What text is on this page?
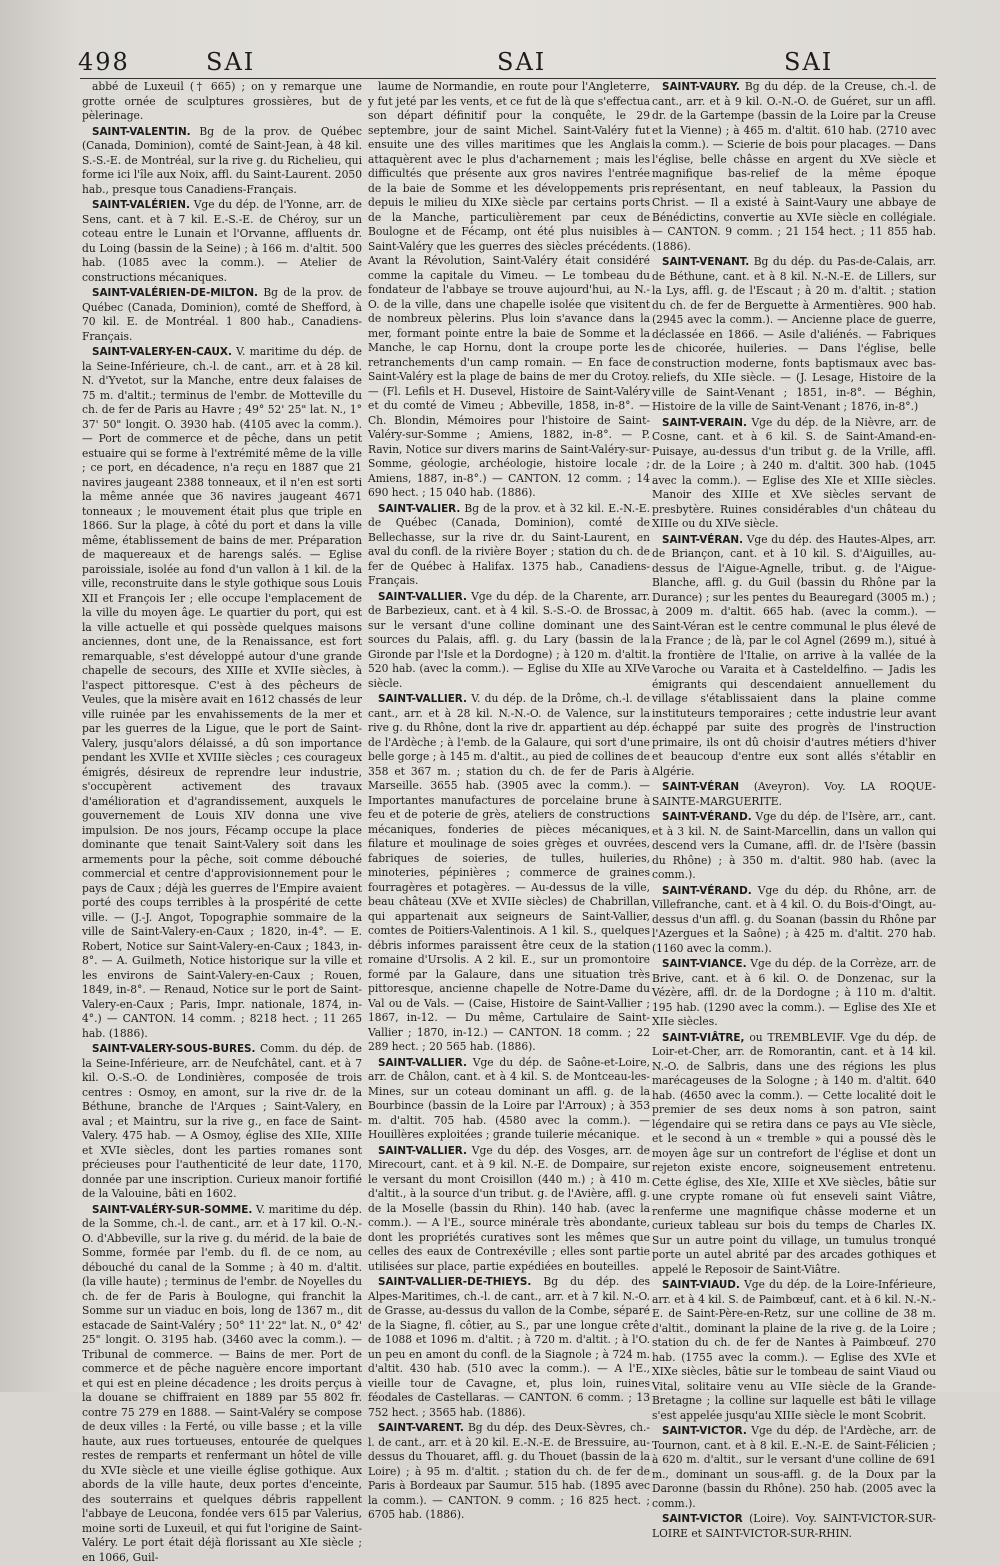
498	SAI	SAI	SAI
abbé de Luxeuil († 665) ; on y remarque une grotte ornée de sculptures grossières, but de pèlerinage.
SAINT-VALENTIN. Bg de la prov. de Québec (Canada, Dominion), comté de Saint-Jean, à 48 kil. S.-S.-E. de Montréal, sur la rive g. du Richelieu, qui forme ici l'île aux Noix, affl. du Saint-Laurent. 2050 hab., presque tous Canadiens-Français.
SAINT-VALÉRIEN. Vge du dép. de l'Yonne, arr. de Sens, cant. et à 7 kil. E.-S.-E. de Chéroy, sur un coteau entre le Lunain et l'Orvanne, affluents dr. du Loing (bassin de la Seine) ; à 166 m. d'altit. 500 hab. (1085 avec la comm.). — Atelier de constructions mécaniques.
SAINT-VALÉRIEN-DE-MILTON. Bg de la prov. de Québec (Canada, Dominion), comté de Shefford, à 70 kil. E. de Montréal. 1 800 hab., Canadiens-Français.
SAINT-VALERY-EN-CAUX. V. maritime du dép. de la Seine-Inférieure, ch.-l. de cant., arr. et à 28 kil. N. d'Yvetot, sur la Manche, entre deux falaises de 75 m. d'altit.; terminus de l'embr. de Motteville du ch. de fer de Paris au Havre ; 49° 52' 25" lat. N., 1° 37' 50" longit. O. 3930 hab. (4105 avec la comm.). — Port de commerce et de pêche, dans un petit estuaire qui se forme à l'extrémité même de la ville ; ce port, en décadence, n'a reçu en 1887 que 21 navires jaugeant 2388 tonneaux, et il n'en est sorti la même année que 36 navires jaugeant 4671 tonneaux ; le mouvement était plus que triple en 1866. Sur la plage, à côté du port et dans la ville même, établissement de bains de mer. Préparation de maquereaux et de harengs salés. — Eglise paroissiale, isolée au fond d'un vallon à 1 kil. de la ville, reconstruite dans le style gothique sous Louis XII et François Ier ; elle occupe l'emplacement de la ville du moyen âge. Le quartier du port, qui est la ville actuelle et qui possède quelques maisons anciennes, dont une, de la Renaissance, est fort remarquable, s'est développé autour d'une grande chapelle de secours, des XIIIe et XVIIe siècles, à l'aspect pittoresque. C'est à des pêcheurs de Veules, que la misère avait en 1612 chassés de leur ville ruinée par les envahissements de la mer et par les guerres de la Ligue, que le port de Saint-Valery, jusqu'alors délaissé, a dû son importance pendant les XVIIe et XVIIIe siècles ; ces courageux émigrés, désireux de reprendre leur industrie, s'occupèrent activement des travaux d'amélioration et d'agrandissement, auxquels le gouvernement de Louis XIV donna une vive impulsion. De nos jours, Fécamp occupe la place dominante que tenait Saint-Valery soit dans les armements pour la pêche, soit comme débouché commercial et centre d'approvisionnement pour le pays de Caux ; déjà les guerres de l'Empire avaient porté des coups terribles à la prospérité de cette ville. — (J.-J. Angot, Topographie sommaire de la ville de Saint-Valery-en-Caux ; 1820, in-4°. — E. Robert, Notice sur Saint-Valery-en-Caux ; 1843, in-8°. — A. Guilmeth, Notice historique sur la ville et les environs de Saint-Valery-en-Caux ; Rouen, 1849, in-8°. — Renaud, Notice sur le port de Saint-Valery-en-Caux ; Paris, Impr. nationale, 1874, in-4°.) — CANTON. 14 comm. ; 8218 hect. ; 11 265 hab. (1886).
SAINT-VALERY-SOUS-BURES. Comm. du dép. de la Seine-Inférieure, arr. de Neufchâtel, cant. et à 7 kil. O.-S.-O. de Londinières, composée de trois centres : Osmoy, en amont, sur la rive dr. de la Béthune, branche de l'Arques ; Saint-Valery, en aval ; et Maintru, sur la rive g., en face de Saint-Valery. 475 hab. — A Osmoy, église des XIIe, XIIIe et XVIe siècles, dont les parties romanes sont précieuses pour l'authenticité de leur date, 1170, donnée par une inscription. Curieux manoir fortifié de la Valouine, bâti en 1602.
SAINT-VALÉRY-SUR-SOMME. V. maritime du dép. de la Somme, ch.-l. de cant., arr. et à 17 kil. O.-N.-O. d'Abbeville, sur la rive g. du mérid. de la baie de Somme, formée par l'emb. du fl. de ce nom, au débouché du canal de la Somme ; à 40 m. d'altit. (la ville haute) ; terminus de l'embr. de Noyelles du ch. de fer de Paris à Boulogne, qui franchit la Somme sur un viaduc en bois, long de 1367 m., dit estacade de Saint-Valéry ; 50° 11' 22" lat. N., 0° 42' 25" longit. O. 3195 hab. (3460 avec la comm.). — Tribunal de commerce. — Bains de mer. Port de commerce et de pêche naguère encore important et qui est en pleine décadence ; les droits perçus à la douane se chiffraient en 1889 par 55 802 fr. contre 75 279 en 1888. — Saint-Valéry se compose de deux villes : la Ferté, ou ville basse ; et la ville haute, aux rues tortueuses, entourée de quelques restes de remparts et renfermant un hôtel de ville du XVIe siècle et une vieille église gothique. Aux abords de la ville haute, deux portes d'enceinte, des souterrains et quelques débris rappellent l'abbaye de Leucona, fondée vers 615 par Valerius, moine sorti de Luxeuil, et qui fut l'origine de Saint-Valéry. Le port était déjà florissant au XIe siècle ; en 1066, Guil-
laume de Normandie, en route pour l'Angleterre, y fut jeté par les vents, et ce fut de là que s'effectua son départ définitif pour la conquête, le 29 septembre, jour de saint Michel. Saint-Valéry fut ensuite une des villes maritimes que les Anglais attaquèrent avec le plus d'acharnement ; mais les difficultés que présente aux gros navires l'entrée de la baie de Somme et les développements pris depuis le milieu du XIXe siècle par certains ports de la Manche, particulièrement par ceux de Boulogne et de Fécamp, ont été plus nuisibles à Saint-Valéry que les guerres des siècles précédents. Avant la Révolution, Saint-Valéry était considéré comme la capitale du Vimeu. — Le tombeau du fondateur de l'abbaye se trouve aujourd'hui, au N.-O. de la ville, dans une chapelle isolée que visitent de nombreux pèlerins. Plus loin s'avance dans la mer, formant pointe entre la baie de Somme et la Manche, le cap Hornu, dont la croupe porte les retranchements d'un camp romain. — En face de Saint-Valéry est la plage de bains de mer du Crotoy. — (Fl. Lefils et H. Dusevel, Histoire de Saint-Valéry et du comté de Vimeu ; Abbeville, 1858, in-8°. — Ch. Blondin, Mémoires pour l'histoire de Saint-Valéry-sur-Somme ; Amiens, 1882, in-8°. — P. Ravin, Notice sur divers marins de Saint-Valéry-sur-Somme, géologie, archéologie, histoire locale ; Amiens, 1887, in-8°.) — CANTON. 12 comm. ; 14 690 hect. ; 15 040 hab. (1886).
SAINT-VALIER. Bg de la prov. et à 32 kil. E.-N.-E. de Québec (Canada, Dominion), comté de Bellechasse, sur la rive dr. du Saint-Laurent, en aval du confl. de la rivière Boyer ; station du ch. de fer de Québec à Halifax. 1375 hab., Canadiens-Français.
SAINT-VALLIER. Vge du dép. de la Charente, arr. de Barbezieux, cant. et à 4 kil. S.-S.-O. de Brossac, sur le versant d'une colline dominant une des sources du Palais, affl. g. du Lary (bassin de la Gironde par l'Isle et la Dordogne) ; à 120 m. d'altit. 520 hab. (avec la comm.). — Eglise du XIIe au XIVe siècle.
SAINT-VALLIER. V. du dép. de la Drôme, ch.-l. de cant., arr. et à 28 kil. N.-N.-O. de Valence, sur la rive g. du Rhône, dont la rive dr. appartient au dép. de l'Ardèche ; à l'emb. de la Galaure, qui sort d'une belle gorge ; à 145 m. d'altit., au pied de collines de 358 et 367 m. ; station du ch. de fer de Paris à Marseille. 3655 hab. (3905 avec la comm.). — Importantes manufactures de porcelaine brune à feu et de poterie de grès, ateliers de constructions mécaniques, fonderies de pièces mécaniques, filature et moulinage de soies grèges et ouvrées, fabriques de soieries, de tulles, huileries, minoteries, pépinières ; commerce de graines fourragères et potagères. — Au-dessus de la ville, beau château (XVe et XVIIe siècles) de Chabrillan, qui appartenait aux seigneurs de Saint-Vallier, comtes de Poitiers-Valentinois. A 1 kil. S., quelques débris informes paraissent être ceux de la station romaine d'Ursolis. A 2 kil. E., sur un promontoire formé par la Galaure, dans une situation très pittoresque, ancienne chapelle de Notre-Dame du Val ou de Vals. — (Caise, Histoire de Saint-Vallier ; 1867, in-12. — Du même, Cartulaire de Saint-Vallier ; 1870, in-12.) — CANTON. 18 comm. ; 22 289 hect. ; 20 565 hab. (1886).
SAINT-VALLIER. Vge du dép. de Saône-et-Loire, arr. de Châlon, cant. et à 4 kil. S. de Montceau-les-Mines, sur un coteau dominant un affl. g. de la Bourbince (bassin de la Loire par l'Arroux) ; à 353 m. d'altit. 705 hab. (4580 avec la comm.). — Houillères exploitées ; grande tuilerie mécanique.
SAINT-VALLIER. Vge du dép. des Vosges, arr. de Mirecourt, cant. et à 9 kil. N.-E. de Dompaire, sur le versant du mont Croisillon (440 m.) ; à 410 m. d'altit., à la source d'un tribut. g. de l'Avière, affl. g. de la Moselle (bassin du Rhin). 140 hab. (avec la comm.). — A l'E., source minérale très abondante, dont les propriétés curatives sont les mêmes que celles des eaux de Contrexéville ; elles sont partie utilisées sur place, partie expédiées en bouteilles.
SAINT-VALLIER-DE-THIEYS. Bg du dép. des Alpes-Maritimes, ch.-l. de cant., arr. et à 7 kil. N.-O. de Grasse, au-dessus du vallon de la Combe, séparé de la Siagne, fl. côtier, au S., par une longue crête de 1088 et 1096 m. d'altit. ; à 720 m. d'altit. ; à l'O. un peu en amont du confl. de la Siagnole ; à 724 m. d'altit. 430 hab. (510 avec la comm.). — A l'E., vieille tour de Cavagne, et, plus loin, ruines féodales de Castellaras. — CANTON. 6 comm. ; 13 752 hect. ; 3565 hab. (1886).
SAINT-VARENT. Bg du dép. des Deux-Sèvres, ch.-l. de cant., arr. et à 20 kil. E.-N.-E. de Bressuire, au-dessus du Thouaret, affl. g. du Thouet (bassin de la Loire) ; à 95 m. d'altit. ; station du ch. de fer de Paris à Bordeaux par Saumur. 515 hab. (1895 avec la comm.). — CANTON. 9 comm. ; 16 825 hect. ; 6705 hab. (1886).
SAINT-VAURY. Bg du dép. de la Creuse, ch.-l. de cant., arr. et à 9 kil. O.-N.-O. de Guéret, sur un affl. dr. de la Gartempe (bassin de la Loire par la Creuse et la Vienne) ; à 465 m. d'altit. 610 hab. (2710 avec la comm.). — Scierie de bois pour placages. — Dans l'église, belle châsse en argent du XVe siècle et magnifique bas-relief de la même époque représentant, en neuf tableaux, la Passion du Christ. — Il a existé à Saint-Vaury une abbaye de Bénédictins, convertie au XVIe siècle en collégiale. — CANTON. 9 comm. ; 21 154 hect. ; 11 855 hab. (1886).
SAINT-VENANT. Bg du dép. du Pas-de-Calais, arr. de Béthune, cant. et à 8 kil. N.-N.-E. de Lillers, sur la Lys, affl. g. de l'Escaut ; à 20 m. d'altit. ; station du ch. de fer de Berguette à Armentières. 900 hab. (2945 avec la comm.). — Ancienne place de guerre, déclassée en 1866. — Asile d'aliénés. — Fabriques de chicorée, huileries. — Dans l'église, belle construction moderne, fonts baptismaux avec bas-reliefs, du XIIe siècle. — (J. Lesage, Histoire de la ville de Saint-Venant ; 1851, in-8°. — Béghin, Histoire de la ville de Saint-Venant ; 1876, in-8°.)
SAINT-VERAIN. Vge du dép. de la Nièvre, arr. de Cosne, cant. et à 6 kil. S. de Saint-Amand-en-Puisaye, au-dessus d'un tribut g. de la Vrille, affl. dr. de la Loire ; à 240 m. d'altit. 300 hab. (1045 avec la comm.). — Eglise des XIe et XIIIe siècles. Manoir des XIIIe et XVe siècles servant de presbytère. Ruines considérables d'un château du XIIIe ou du XIVe siècle.
SAINT-VÉRAN. Vge du dép. des Hautes-Alpes, arr. de Briançon, cant. et à 10 kil. S. d'Aiguilles, au-dessus de l'Aigue-Agnelle, tribut. g. de l'Aigue-Blanche, affl. g. du Guil (bassin du Rhône par la Durance) ; sur les pentes du Beauregard (3005 m.) ; à 2009 m. d'altit. 665 hab. (avec la comm.). — Saint-Véran est le centre communal le plus élevé de la France ; de là, par le col Agnel (2699 m.), situé à la frontière de l'Italie, on arrive à la vallée de la Varoche ou Varaita et à Casteldelfino. — Jadis les émigrants qui descendaient annuellement du village s'établissaient dans la plaine comme instituteurs temporaires ; cette industrie leur avant échappé par suite des progrès de l'instruction primaire, ils ont dû choisir d'autres métiers d'hiver et beaucoup d'entre eux sont allés s'établir en Algérie.
SAINT-VÉRAN (Aveyron). Voy. LA ROQUE-SAINTE-MARGUERITE.
SAINT-VÉRAND. Vge du dép. de l'Isère, arr., cant. et à 3 kil. N. de Saint-Marcellin, dans un vallon qui descend vers la Cumane, affl. dr. de l'Isère (bassin du Rhône) ; à 350 m. d'altit. 980 hab. (avec la comm.).
SAINT-VÉRAND. Vge du dép. du Rhône, arr. de Villefranche, cant. et à 4 kil. O. du Bois-d'Oingt, au-dessus d'un affl. g. du Soanan (bassin du Rhône par l'Azergues et la Saône) ; à 425 m. d'altit. 270 hab. (1160 avec la comm.).
SAINT-VIANCE. Vge du dép. de la Corrèze, arr. de Brive, cant. et à 6 kil. O. de Donzenac, sur la Vézère, affl. dr. de la Dordogne ; à 110 m. d'altit. 195 hab. (1290 avec la comm.). — Eglise des XIe et XIIe siècles.
SAINT-VIÂTRE, ou TREMBLEVIF. Vge du dép. de Loir-et-Cher, arr. de Romorantin, cant. et à 14 kil. N.-O. de Salbris, dans une des régions les plus marécageuses de la Sologne ; à 140 m. d'altit. 640 hab. (4650 avec la comm.). — Cette localité doit le premier de ses deux noms à son patron, saint légendaire qui se retira dans ce pays au VIe siècle, et le second à un « tremble » qui a poussé dès le moyen âge sur un contrefort de l'église et dont un rejeton existe encore, soigneusement entretenu. Cette église, des XIe, XIIIe et XVe siècles, bâtie sur une crypte romane où fut enseveli saint Viâtre, renferme une magnifique châsse moderne et un curieux tableau sur bois du temps de Charles IX. Sur un autre point du village, un tumulus tronqué porte un autel abrité par des arcades gothiques et appelé le Reposoir de Saint-Viâtre.
SAINT-VIAUD. Vge du dép. de la Loire-Inférieure, arr. et à 4 kil. S. de Paimbœuf, cant. et à 6 kil. N.-N.-E. de Saint-Père-en-Retz, sur une colline de 38 m. d'altit., dominant la plaine de la rive g. de la Loire ; station du ch. de fer de Nantes à Paimbœuf. 270 hab. (1755 avec la comm.). — Eglise des XVIe et XIXe siècles, bâtie sur le tombeau de saint Viaud ou Vital, solitaire venu au VIIe siècle de la Grande-Bretagne ; la colline sur laquelle est bâti le village s'est appelée jusqu'au XIIIe siècle le mont Scobrit.
SAINT-VICTOR. Vge du dép. de l'Ardèche, arr. de Tournon, cant. et à 8 kil. E.-N.-E. de Saint-Félicien ; à 620 m. d'altit., sur le versant d'une colline de 691 m., dominant un sous-affl. g. de la Doux par la Daronne (bassin du Rhône). 250 hab. (2005 avec la comm.).
SAINT-VICTOR (Loire). Voy. SAINT-VICTOR-SUR-LOIRE et SAINT-VICTOR-SUR-RHIN.
